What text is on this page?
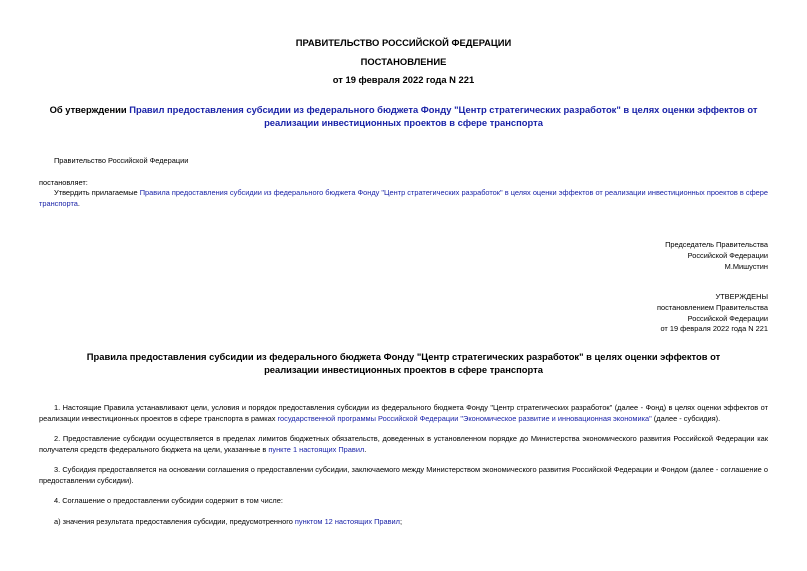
ПРАВИТЕЛЬСТВО РОССИЙСКОЙ ФЕДЕРАЦИИ
ПОСТАНОВЛЕНИЕ
от 19 февраля 2022 года N 221
Об утверждении Правил предоставления субсидии из федерального бюджета Фонду "Центр стратегических разработок" в целях оценки эффектов от реализации инвестиционных проектов в сфере транспорта
Правительство Российской Федерации
постановляет:
Утвердить прилагаемые Правила предоставления субсидии из федерального бюджета Фонду "Центр стратегических разработок" в целях оценки эффектов от реализации инвестиционных проектов в сфере транспорта.
Председатель Правительства
Российской Федерации
М.Мишустин
УТВЕРЖДЕНЫ
постановлением Правительства
Российской Федерации
от 19 февраля 2022 года N 221
Правила предоставления субсидии из федерального бюджета Фонду "Центр стратегических разработок" в целях оценки эффектов от реализации инвестиционных проектов в сфере транспорта
1. Настоящие Правила устанавливают цели, условия и порядок предоставления субсидии из федерального бюджета Фонду "Центр стратегических разработок" (далее - Фонд) в целях оценки эффектов от реализации инвестиционных проектов в сфере транспорта в рамках государственной программы Российской Федерации "Экономическое развитие и инновационная экономика" (далее - субсидия).
2. Предоставление субсидии осуществляется в пределах лимитов бюджетных обязательств, доведенных в установленном порядке до Министерства экономического развития Российской Федерации как получателя средств федерального бюджета на цели, указанные в пункте 1 настоящих Правил.
3. Субсидия предоставляется на основании соглашения о предоставлении субсидии, заключаемого между Министерством экономического развития Российской Федерации и Фондом (далее - соглашение о предоставлении субсидии).
4. Соглашение о предоставлении субсидии содержит в том числе:
а) значения результата предоставления субсидии, предусмотренного пунктом 12 настоящих Правил;
